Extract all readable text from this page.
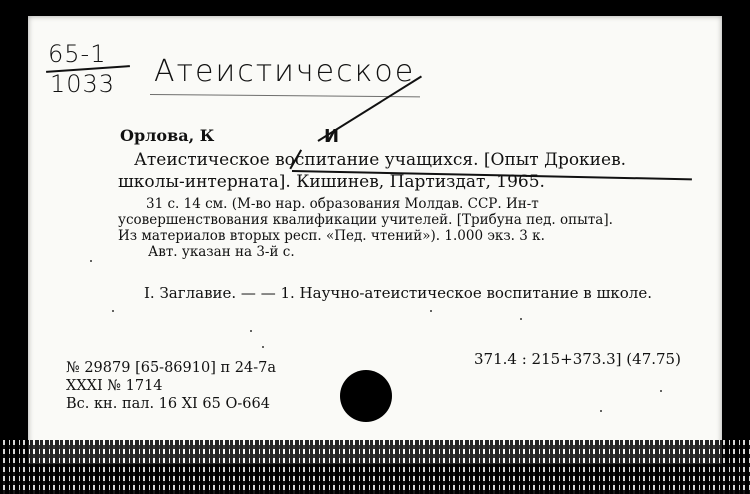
65-1
1033 Атеистическое
Орлова, К	И
Атеистическое воспитание учащихся. [Опыт Дрокиев.
школы-интерната]. Кишинев, Партиздат, 1965.
31 с. 14 см. (М-во нар. образования Молдав. ССР. Ин-т
усовершенствования квалификации учителей. [Трибуна пед. опыта].
Из материалов вторых респ. «Пед. чтений»). 1.000 экз. 3 к.
Авт. указан на 3-й с.
I. Заглавие. — — 1. Научно-атеистическое воспитание в школе.
371.4 : 215+373.3] (47.75)
№ 29879 [65-86910] п 24-7а
XXXI № 1714
Вс. кн. пал. 16 XI 65 О-664
